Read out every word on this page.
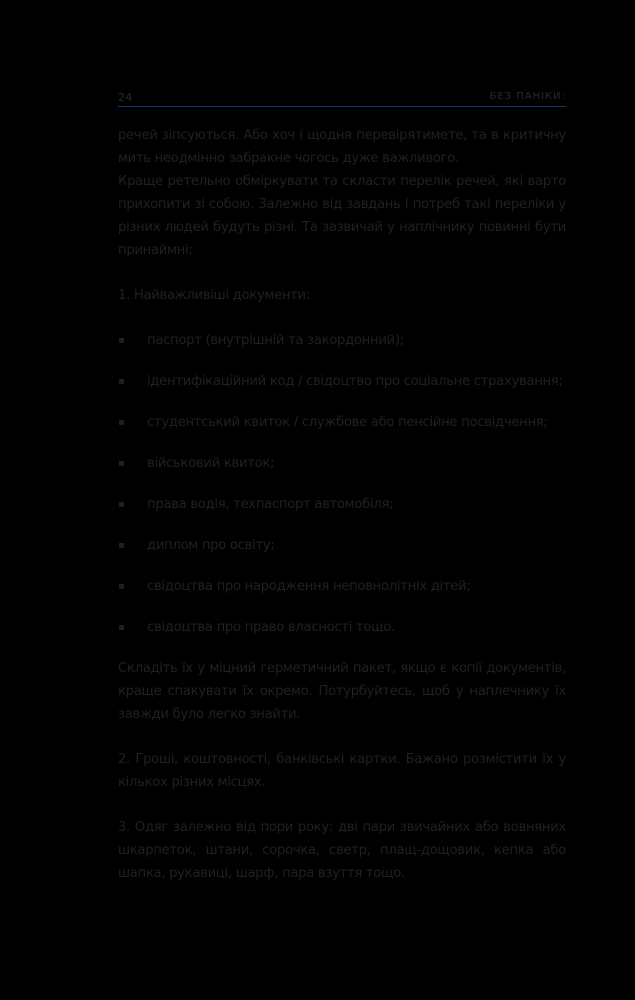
24	БЕЗ ПАНІКИ:

речей зіпсуються. Або хоч і щодня перевірятимете, та в критичну мить неодмінно забракне чогось дуже важливого.

Краще ретельно обміркувати та скласти перелік речей, які варто прихопити зі собою. Залежно від завдань і потреб такі переліки у різних людей будуть різні. Та зазвичай у наплічнику повинні бути принаймні:

1. Найважливіші документи:

▪ паспорт (внутрішній та закордонний);
▪ ідентифікаційний код / свідоцтво про соціальне страхування;
▪ студентський квиток / службове або пенсійне посвідчення;
▪ військовий квиток;
▪ права водія, техпаспорт автомобіля;
▪ диплом про освіту;
▪ свідоцтва про народження неповнолітніх дітей;
▪ свідоцтва про право власності тощо.

Складіть їх у міцний герметичний пакет, якщо є копії документів, краще спакувати їх окремо. Потурбуйтесь, щоб у наплечнику їх завжди було легко знайти.

2. Гроші, коштовності, банківські картки. Бажано розмістити їх у кількох різних місцях.

3. Одяг залежно від пори року: дві пари звичайних або вовняних шкарпеток, штани, сорочка, светр, плащ-дощовик, кепка або шапка, рукавиці, шарф, пара взуття тощо.
